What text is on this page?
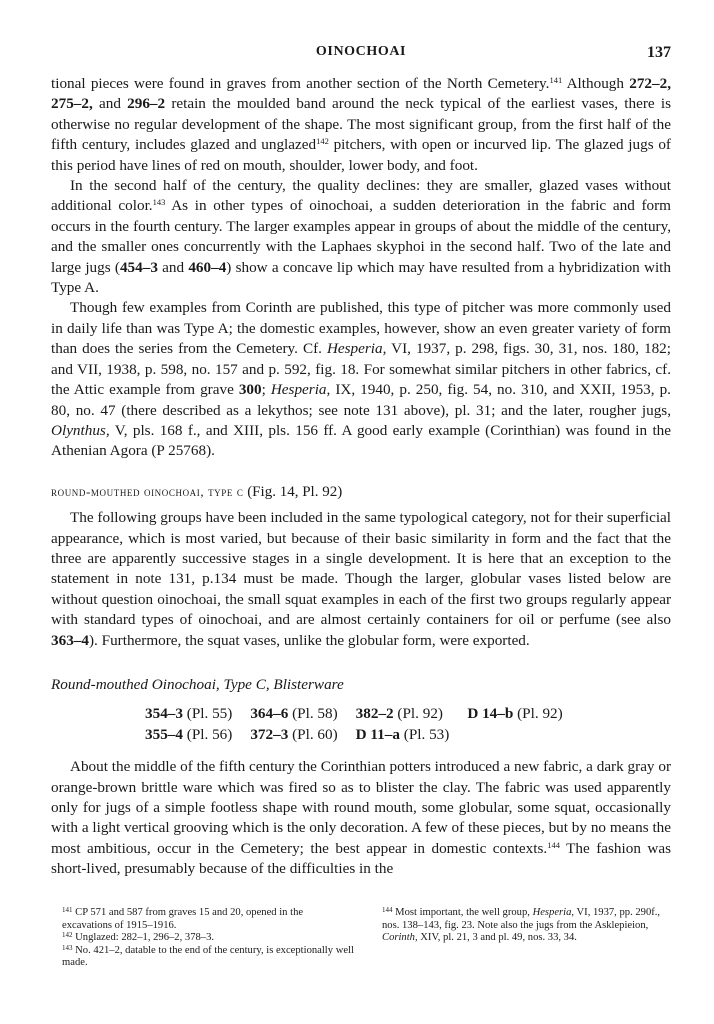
OINOCHOAI	137

tional pieces were found in graves from another section of the North Cemetery.$^{141}$ Although 272–2, 275–2, and 296–2 retain the moulded band around the neck typical of the earliest vases, there is otherwise no regular development of the shape. The most significant group, from the first half of the fifth century, includes glazed and unglazed$^{142}$ pitchers, with open or incurved lip. The glazed jugs of this period have lines of red on mouth, shoulder, lower body, and foot.

In the second half of the century, the quality declines: they are smaller, glazed vases without additional color.$^{143}$ As in other types of oinochoai, a sudden deterioration in the fabric and form occurs in the fourth century. The larger examples appear in groups of about the middle of the century, and the smaller ones concurrently with the Laphaes skyphoi in the second half. Two of the late and large jugs (454–3 and 460–4) show a concave lip which may have resulted from a hybridization with Type A.

Though few examples from Corinth are published, this type of pitcher was more commonly used in daily life than was Type A; the domestic examples, however, show an even greater variety of form than does the series from the Cemetery. Cf. Hesperia, VI, 1937, p. 298, figs. 30, 31, nos. 180, 182; and VII, 1938, p. 598, no. 157 and p. 592, fig. 18. For somewhat similar pitchers in other fabrics, cf. the Attic example from grave 300; Hesperia, IX, 1940, p. 250, fig. 54, no. 310, and XXII, 1953, p. 80, no. 47 (there described as a lekythos; see note 131 above), pl. 31; and the later, rougher jugs, Olynthus, V, pls. 168 f., and XIII, pls. 156 ff. A good early example (Corinthian) was found in the Athenian Agora (P 25768).

round-mouthed oinochoai, type c (Fig. 14, Pl. 92)

The following groups have been included in the same typological category, not for their superficial appearance, which is most varied, but because of their basic similarity in form and the fact that the three are apparently successive stages in a single development. It is here that an exception to the statement in note 131, p.134 must be made. Though the larger, globular vases listed below are without question oinochoai, the small squat examples in each of the first two groups regularly appear with standard types of oinochoai, and are almost certainly containers for oil or perfume (see also 363–4). Furthermore, the squat vases, unlike the globular form, were exported.

Round-mouthed Oinochoai, Type C, Blisterware

354–3 (Pl. 55)	364–6 (Pl. 58)	382–2 (Pl. 92)	D 14–b (Pl. 92)
355–4 (Pl. 56)	372–3 (Pl. 60)	D 11–a (Pl. 53)	

About the middle of the fifth century the Corinthian potters introduced a new fabric, a dark gray or orange-brown brittle ware which was fired so as to blister the clay. The fabric was used apparently only for jugs of a simple footless shape with round mouth, some globular, some squat, occasionally with a light vertical grooving which is the only decoration. A few of these pieces, but by no means the most ambitious, occur in the Cemetery; the best appear in domestic contexts.$^{144}$ The fashion was short-lived, presumably because of the difficulties in the

$^{141}$ CP 571 and 587 from graves 15 and 20, opened in the excavations of 1915–1916.

$^{142}$ Unglazed: 282–1, 296–2, 378–3.

$^{143}$ No. 421–2, datable to the end of the century, is exceptionally well made.

$^{144}$ Most important, the well group, Hesperia, VI, 1937, pp. 290f., nos. 138–143, fig. 23. Note also the jugs from the Asklepieion, Corinth, XIV, pl. 21, 3 and pl. 49, nos. 33, 34.
